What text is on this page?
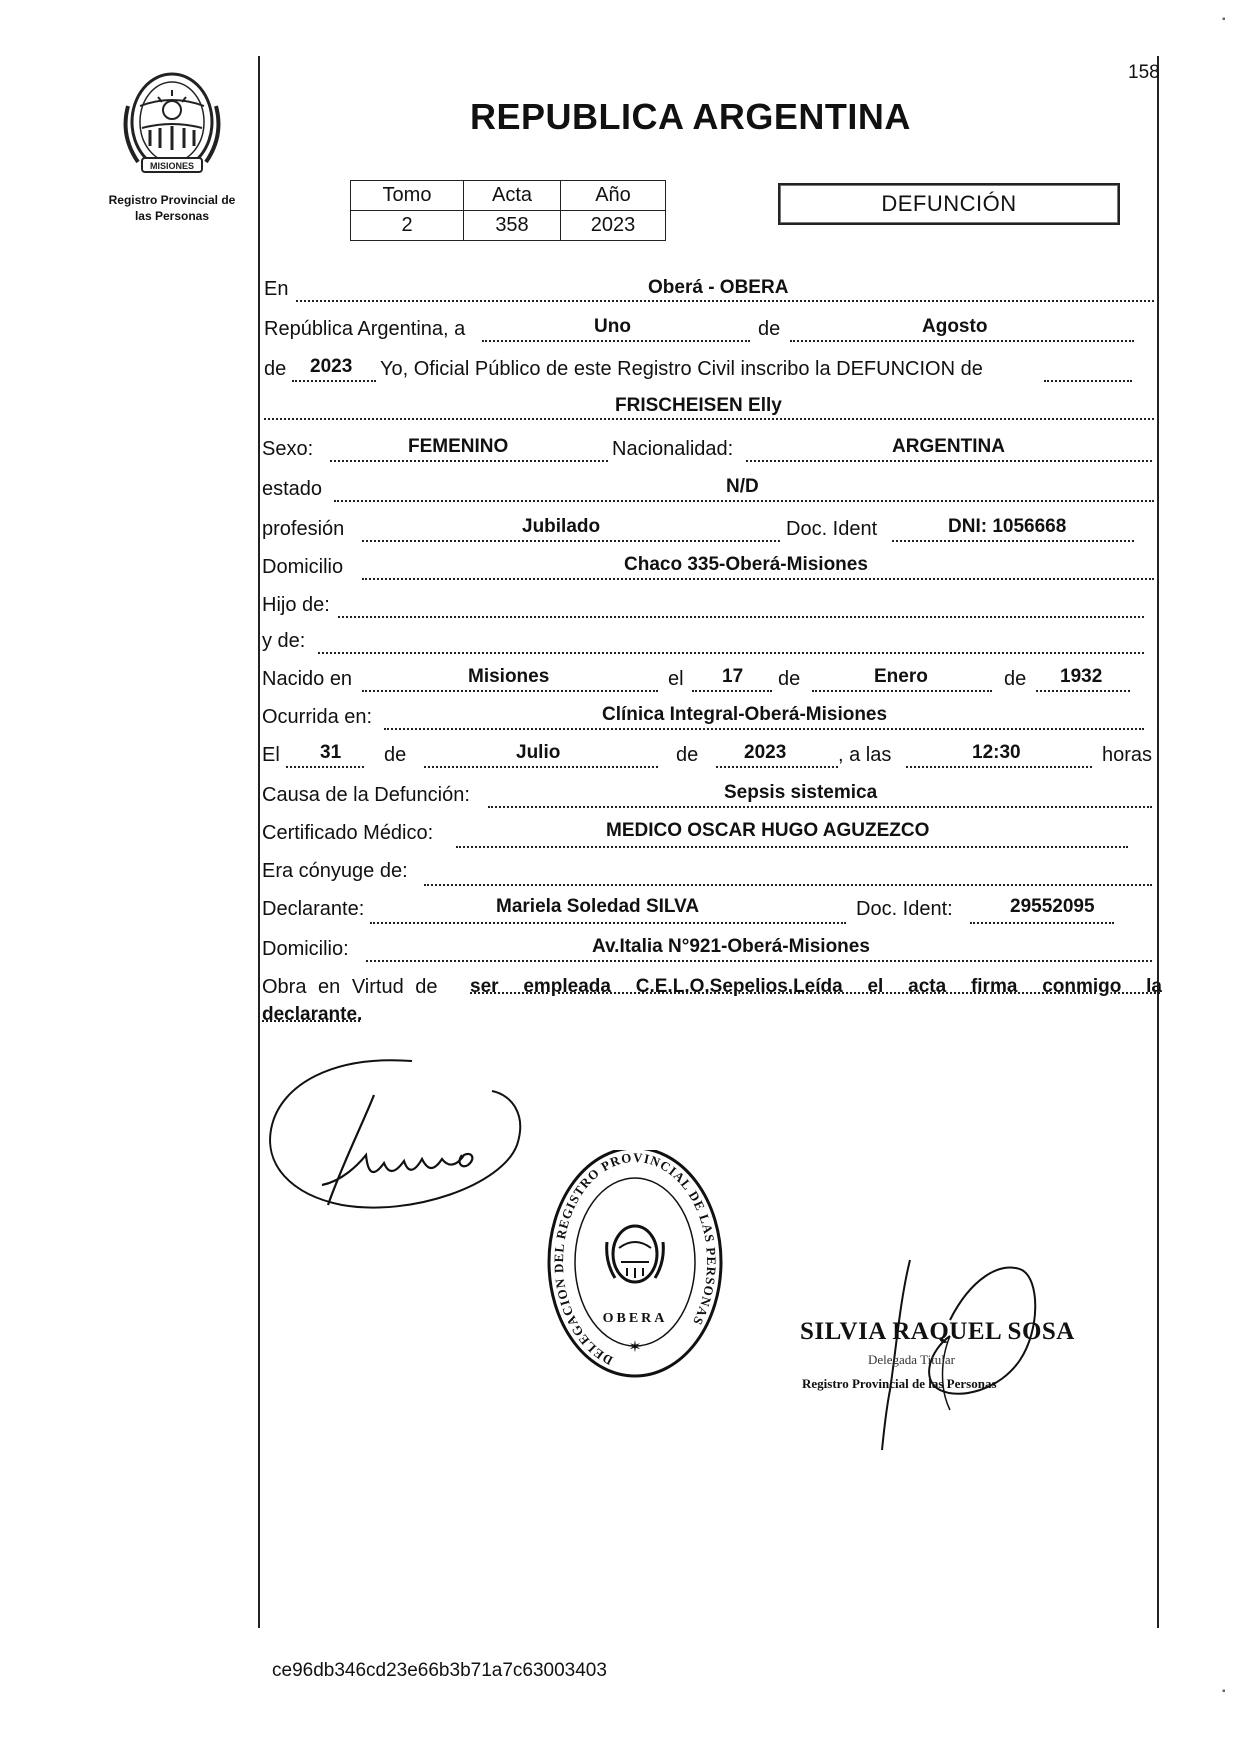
▪
▪
158
REPUBLICA ARGENTINA
MISIONES
Registro Provincial de
las Personas
Tomo	Acta	Año
2	358	2023
DEFUNCIÓN
En	Oberá - OBERA
República Argentina, a	Uno	de	Agosto
de 2023 Yo, Oficial Público de este Registro Civil inscribo la DEFUNCION de
FRISCHEISEN Elly
Sexo:	FEMENINO	Nacionalidad:	ARGENTINA
estado	N/D
profesión	Jubilado	Doc. Ident	DNI: 1056668
Domicilio	Chaco 335-Oberá-Misiones
Hijo de:
y de:
Nacido en	Misiones	el 17 de	Enero	de 1932
Ocurrida en:	Clínica Integral-Oberá-Misiones
El 31 de	Julio	de 2023	, a las	12:30	horas
Causa de la Defunción:	Sepsis sistemica
Certificado Médico:	MEDICO OSCAR HUGO AGUZEZCO
Era cónyuge de:
Declarante:	Mariela Soledad SILVA	Doc. Ident:	29552095
Domicilio:	Av.Italia N°921-Oberá-Misiones
Obra en Virtud de ser empleada C.E.L.O.Sepelios.Leída el acta firma conmigo la
declarante.
DELEGACION DEL REGISTRO PROVINCIAL DE LAS PERSONAS
OBERA
✶
SILVIA RAQUEL SOSA
Delegada Titular
Registro Provincial de las Personas
ce96db346cd23e66b3b71a7c63003403
